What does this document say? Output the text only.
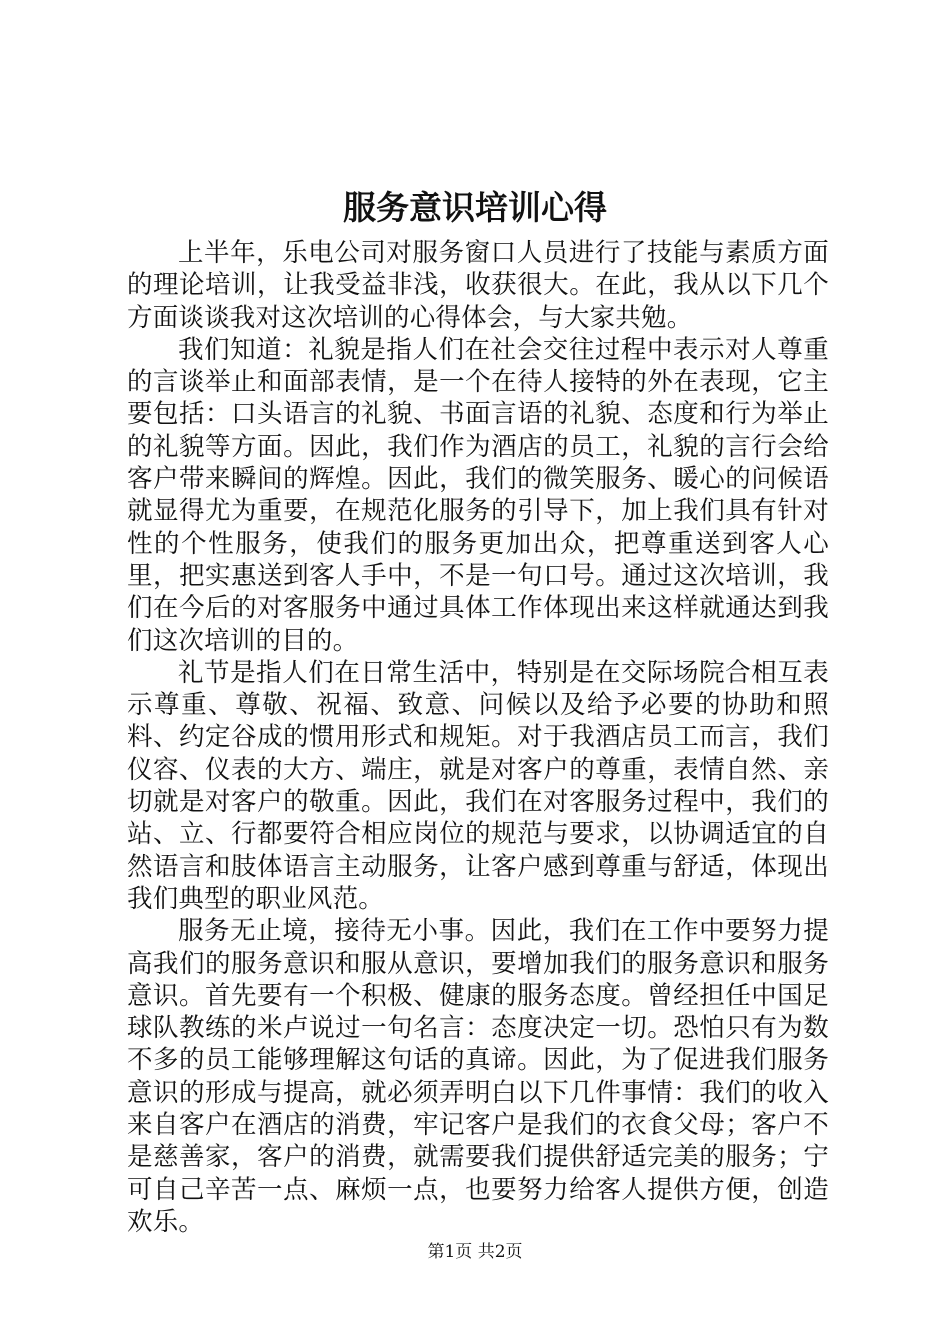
服务意识培训心得

上半年，乐电公司对服务窗口人员进行了技能与素质方面的理论培训，让我受益非浅，收获很大。在此，我从以下几个方面谈谈我对这次培训的心得体会，与大家共勉。

我们知道：礼貌是指人们在社会交往过程中表示对人尊重的言谈举止和面部表情，是一个在待人接特的外在表现，它主要包括：口头语言的礼貌、书面言语的礼貌、态度和行为举止的礼貌等方面。因此，我们作为酒店的员工，礼貌的言行会给客户带来瞬间的辉煌。因此，我们的微笑服务、暖心的问候语就显得尤为重要，在规范化服务的引导下，加上我们具有针对性的个性服务，使我们的服务更加出众，把尊重送到客人心里，把实惠送到客人手中，不是一句口号。通过这次培训，我们在今后的对客服务中通过具体工作体现出来这样就通达到我们这次培训的目的。

礼节是指人们在日常生活中，特别是在交际场院合相互表示尊重、尊敬、祝福、致意、问候以及给予必要的协助和照料、约定谷成的惯用形式和规矩。对于我酒店员工而言，我们仪容、仪表的大方、端庄，就是对客户的尊重，表情自然、亲切就是对客户的敬重。因此，我们在对客服务过程中，我们的站、立、行都要符合相应岗位的规范与要求，以协调适宜的自然语言和肢体语言主动服务，让客户感到尊重与舒适，体现出我们典型的职业风范。

服务无止境，接待无小事。因此，我们在工作中要努力提高我们的服务意识和服从意识，要增加我们的服务意识和服务意识。首先要有一个积极、健康的服务态度。曾经担任中国足球队教练的米卢说过一句名言：态度决定一切。恐怕只有为数不多的员工能够理解这句话的真谛。因此，为了促进我们服务意识的形成与提高，就必须弄明白以下几件事情：我们的收入来自客户在酒店的消费，牢记客户是我们的衣食父母；客户不是慈善家，客户的消费，就需要我们提供舒适完美的服务；宁可自己辛苦一点、麻烦一点，也要努力给客人提供方便，创造欢乐。

第1页 共2页
